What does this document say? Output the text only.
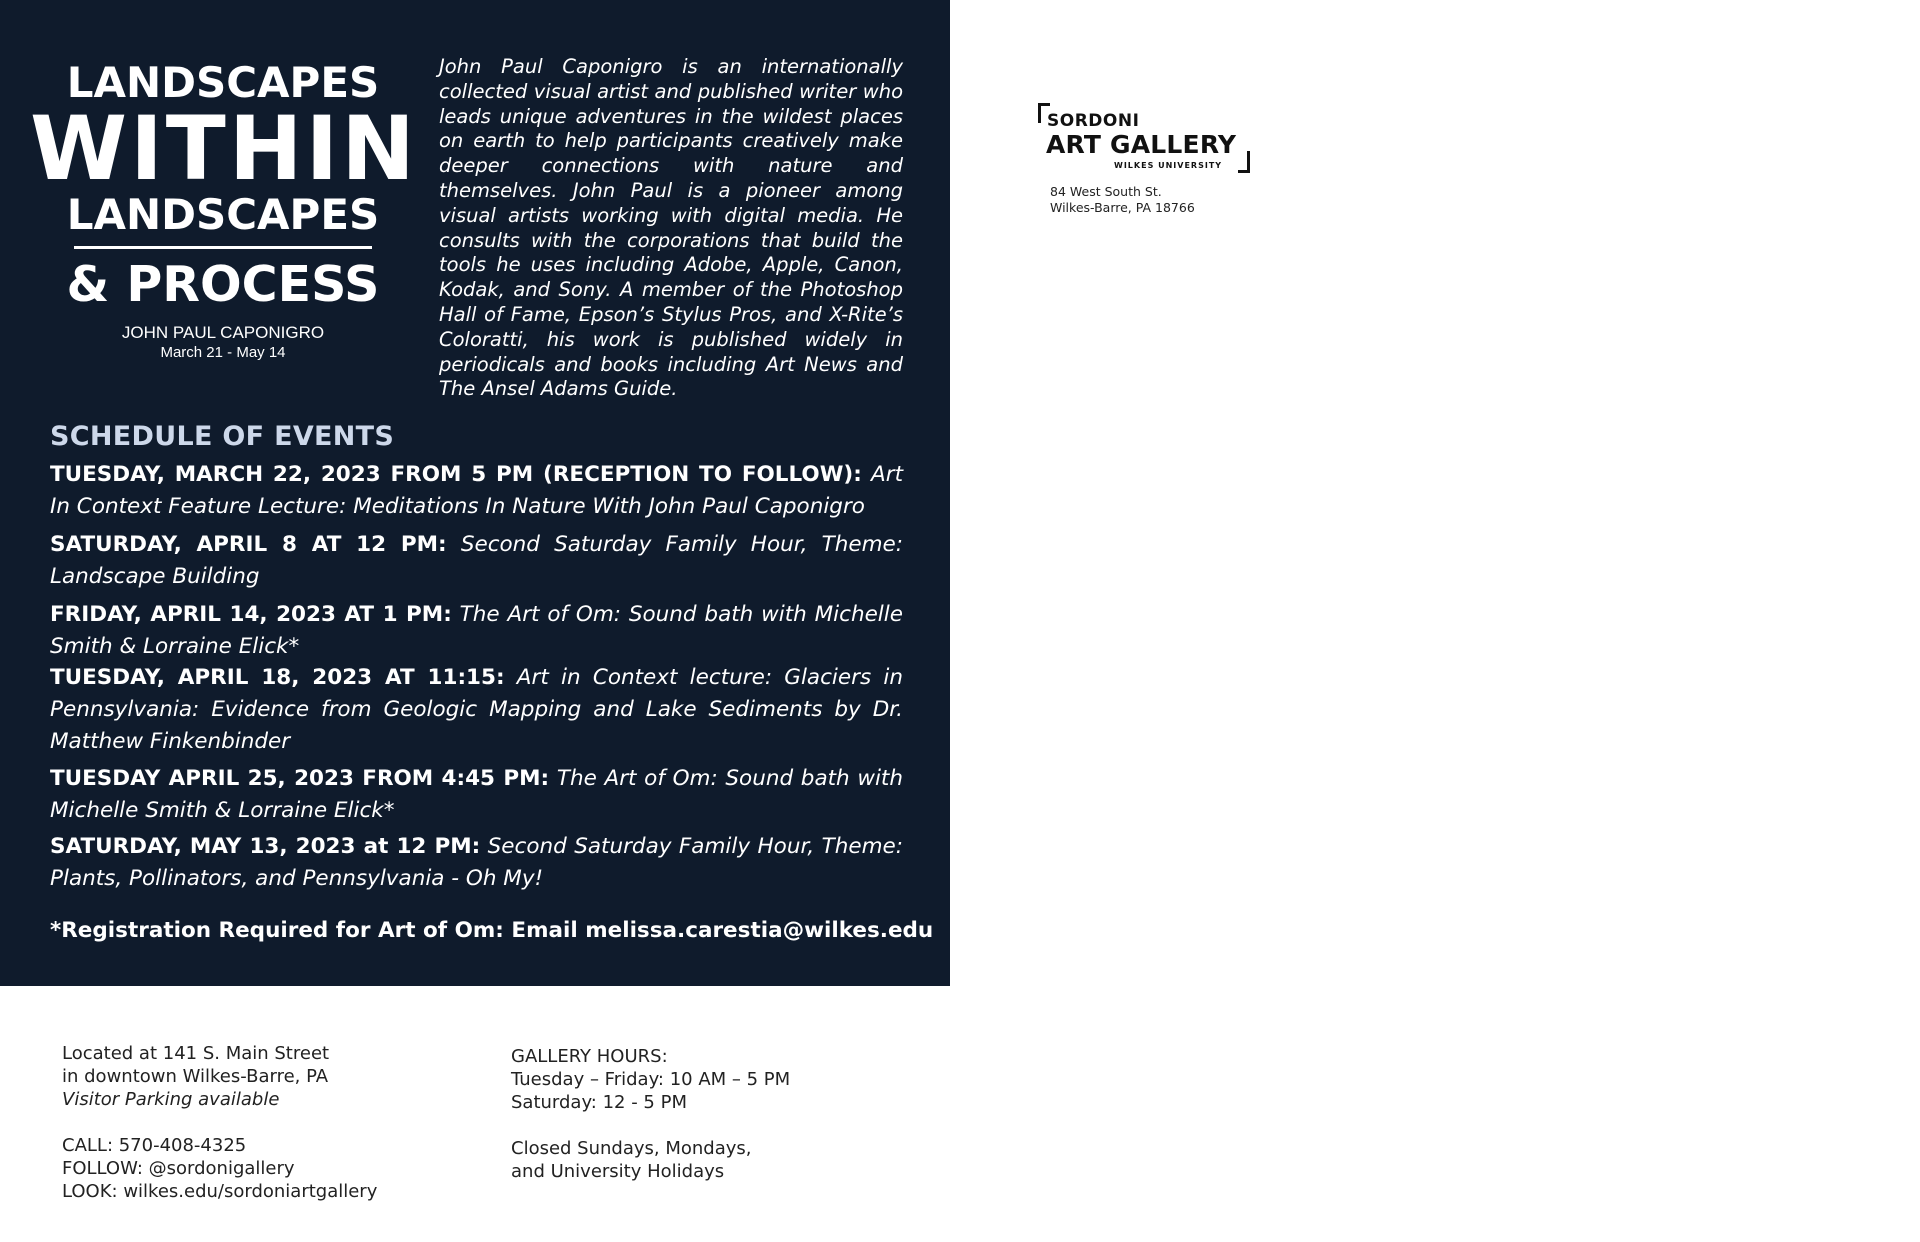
LANDSCAPES
WITHIN
LANDSCAPES
& PROCESS
JOHN PAUL CAPONIGRO
March 21 - May 14

John Paul Caponigro is an internationally collected visual artist and published writer who leads unique adventures in the wildest places on earth to help participants creatively make deeper connections with nature and themselves. John Paul is a pioneer among visual artists working with digital media. He consults with the corporations that build the tools he uses including Adobe, Apple, Canon, Kodak, and Sony. A member of the Photoshop Hall of Fame, Epson’s Stylus Pros, and X-Rite’s Coloratti, his work is published widely in periodicals and books including Art News and The Ansel Adams Guide.

SCHEDULE OF EVENTS

TUESDAY, MARCH 22, 2023 FROM 5 PM (RECEPTION TO FOLLOW): Art In Context Feature Lecture: Meditations In Nature With John Paul Caponigro

SATURDAY, APRIL 8 AT 12 PM: Second Saturday Family Hour, Theme: Landscape Building

FRIDAY, APRIL 14, 2023 AT 1 PM: The Art of Om: Sound bath with Michelle Smith & Lorraine Elick*

TUESDAY, APRIL 18, 2023 AT 11:15: Art in Context lecture: Glaciers in Pennsylvania: Evidence from Geologic Mapping and Lake Sediments by Dr. Matthew Finkenbinder

TUESDAY APRIL 25, 2023 FROM 4:45 PM: The Art of Om: Sound bath with Michelle Smith & Lorraine Elick*

SATURDAY, MAY 13, 2023 at 12 PM: Second Saturday Family Hour, Theme: Plants, Pollinators, and Pennsylvania - Oh My!

*Registration Required for Art of Om: Email melissa.carestia@wilkes.edu

SORDONI
ART GALLERY
WILKES UNIVERSITY
84 West South St.
Wilkes-Barre, PA 18766
Located at 141 S. Main Street
in downtown Wilkes-Barre, PA
Visitor Parking available
CALL: 570-408-4325
FOLLOW: @sordonigallery
LOOK: wilkes.edu/sordoniartgallery
GALLERY HOURS:
Tuesday – Friday: 10 AM – 5 PM
Saturday: 12 - 5 PM
Closed Sundays, Mondays,
and University Holidays
